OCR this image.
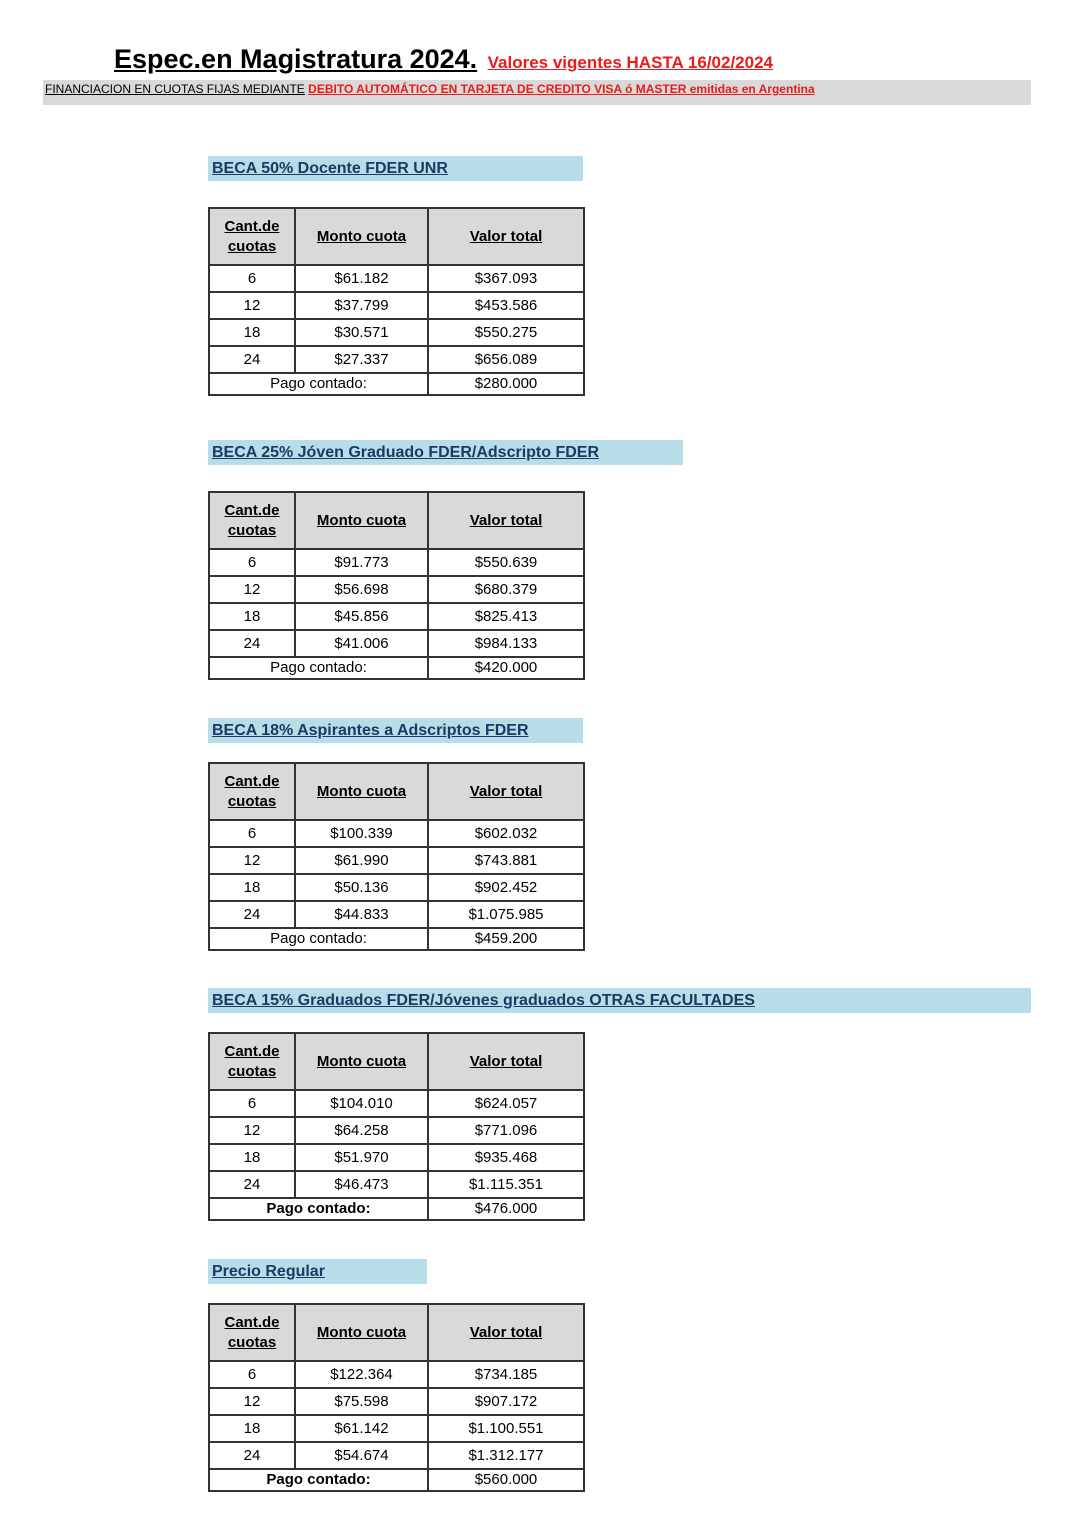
Espec.en Magistratura 2024. Valores vigentes HASTA 16/02/2024
FINANCIACION EN CUOTAS FIJAS MEDIANTE DEBITO AUTOMÁTICO EN TARJETA DE CREDITO VISA ó MASTER emitidas en Argentina
BECA 50% Docente FDER UNR
Cant.de
cuotas	Monto cuota	Valor total
6	$61.182	$367.093
12	$37.799	$453.586
18	$30.571	$550.275
24	$27.337	$656.089
Pago contado:		$280.000
BECA 25% Jóven Graduado FDER/Adscripto FDER
Cant.de
cuotas	Monto cuota	Valor total
6	$91.773	$550.639
12	$56.698	$680.379
18	$45.856	$825.413
24	$41.006	$984.133
Pago contado:		$420.000
BECA 18% Aspirantes a Adscriptos FDER
Cant.de
cuotas	Monto cuota	Valor total
6	$100.339	$602.032
12	$61.990	$743.881
18	$50.136	$902.452
24	$44.833	$1.075.985
Pago contado:		$459.200
BECA 15% Graduados FDER/Jóvenes graduados OTRAS FACULTADES
Cant.de
cuotas	Monto cuota	Valor total
6	$104.010	$624.057
12	$64.258	$771.096
18	$51.970	$935.468
24	$46.473	$1.115.351
Pago contado:		$476.000
Precio Regular
Cant.de
cuotas	Monto cuota	Valor total
6	$122.364	$734.185
12	$75.598	$907.172
18	$61.142	$1.100.551
24	$54.674	$1.312.177
Pago contado:		$560.000
